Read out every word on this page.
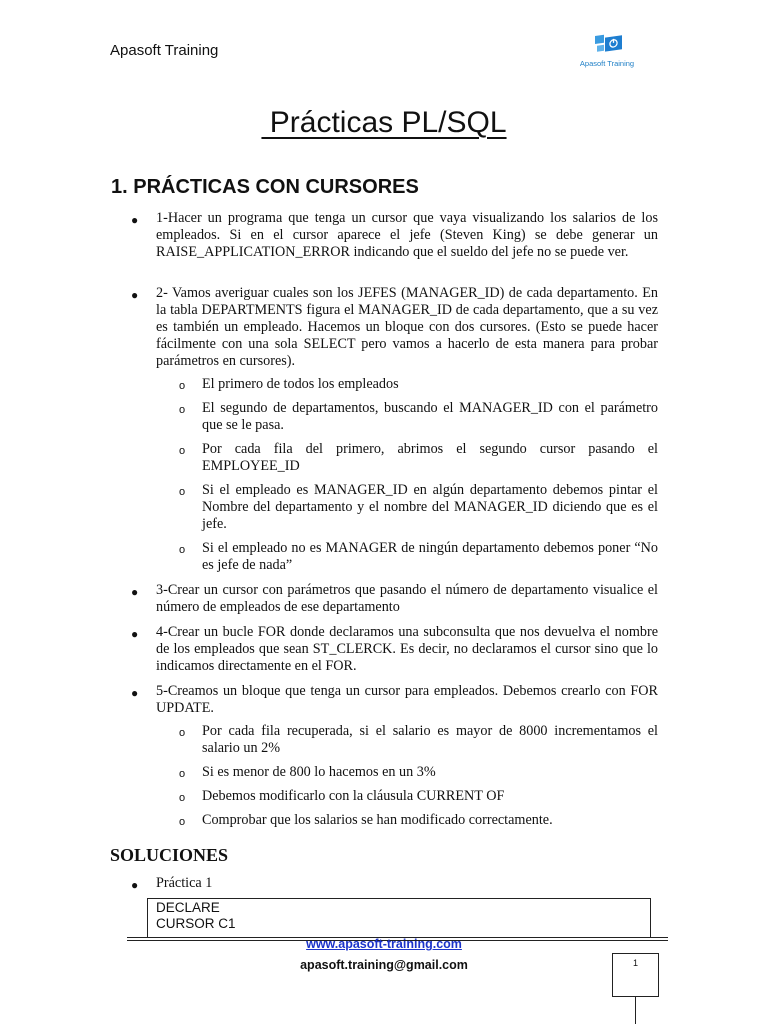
Apasoft Training
Apasoft Training
Prácticas PL/SQL
1. PRÁCTICAS CON CURSORES
● 1-Hacer un programa que tenga un cursor que vaya visualizando los salarios de los empleados. Si en el cursor aparece el jefe (Steven King) se debe generar un RAISE_APPLICATION_ERROR indicando que el sueldo del jefe no se puede ver.
● 2- Vamos averiguar cuales son los JEFES (MANAGER_ID) de cada departamento. En la tabla DEPARTMENTS figura el MANAGER_ID de cada departamento, que a su vez es también un empleado. Hacemos un bloque con dos cursores. (Esto se puede hacer fácilmente con una sola SELECT pero vamos a hacerlo de esta manera para probar parámetros en cursores).
o El primero de todos los empleados
o El segundo de departamentos, buscando el MANAGER_ID con el parámetro que se le pasa.
o Por cada fila del primero, abrimos el segundo cursor pasando el EMPLOYEE_ID
o Si el empleado es MANAGER_ID en algún departamento debemos pintar el Nombre del departamento y el nombre del MANAGER_ID diciendo que es el jefe.
o Si el empleado no es MANAGER de ningún departamento debemos poner “No es jefe de nada”
● 3-Crear un cursor con parámetros que pasando el número de departamento visualice el número de empleados de ese departamento
● 4-Crear un bucle FOR donde declaramos una subconsulta que nos devuelva el nombre de los empleados que sean ST_CLERCK. Es decir, no declaramos el cursor sino que lo indicamos directamente en el FOR.
● 5-Creamos un bloque que tenga un cursor para empleados. Debemos crearlo con FOR UPDATE.
o Por cada fila recuperada, si el salario es mayor de 8000 incrementamos el salario un 2%
o Si es menor de 800 lo hacemos en un 3%
o Debemos modificarlo con la cláusula CURRENT OF
o Comprobar que los salarios se han modificado correctamente.
SOLUCIONES
● Práctica 1
DECLARE
CURSOR C1
www.apasoft-training.com
apasoft.training@gmail.com	1
